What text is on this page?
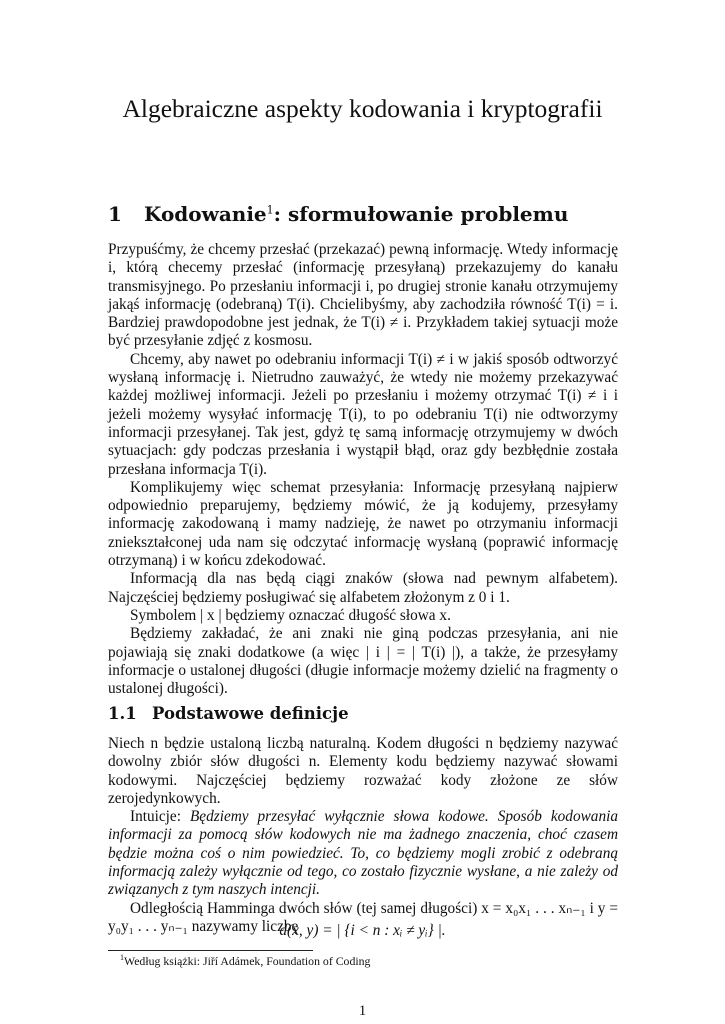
Algebraiczne aspekty kodowania i kryptografii
1 Kodowanie$^1$: sformułowanie problemu

Przypuśćmy, że chcemy przesłać (przekazać) pewną informację. Wtedy informację i, którą checemy przesłać (informację przesyłaną) przekazujemy do kanału transmisyjnego. Po przesłaniu informacji i, po drugiej stronie kanału otrzymujemy jakąś informację (odebraną) T(i). Chcielibyśmy, aby zachodziła równość T(i) = i. Bardziej prawdopodobne jest jednak, że T(i) ≠ i. Przykładem takiej sytuacji może być przesyłanie zdjęć z kosmosu.

Chcemy, aby nawet po odebraniu informacji T(i) ≠ i w jakiś sposób odtworzyć wysłaną informację i. Nietrudno zauważyć, że wtedy nie możemy przekazywać każdej możliwej informacji. Jeżeli po przesłaniu i możemy otrzymać T(i) ≠ i i jeżeli możemy wysyłać informację T(i), to po odebraniu T(i) nie odtworzymy informacji przesyłanej. Tak jest, gdyż tę samą informację otrzymujemy w dwóch sytuacjach: gdy podczas przesłania i wystąpił błąd, oraz gdy bezbłędnie została przesłana informacja T(i).

Komplikujemy więc schemat przesyłania: Informację przesyłaną najpierw odpowiednio preparujemy, będziemy mówić, że ją kodujemy, przesyłamy informację zakodowaną i mamy nadzieję, że nawet po otrzymaniu informacji zniekształconej uda nam się odczytać informację wysłaną (poprawić informację otrzymaną) i w końcu zdekodować.

Informacją dla nas będą ciągi znaków (słowa nad pewnym alfabetem). Najczęściej będziemy posługiwać się alfabetem złożonym z 0 i 1.

Symbolem | x | będziemy oznaczać długość słowa x.

Będziemy zakładać, że ani znaki nie giną podczas przesyłania, ani nie pojawiają się znaki dodatkowe (a więc | i | = | T(i) |), a także, że przesyłamy informacje o ustalonej długości (długie informacje możemy dzielić na fragmenty o ustalonej długości).

1.1 Podstawowe definicje

Niech n będzie ustaloną liczbą naturalną. Kodem długości n będziemy nazywać dowolny zbiór słów długości n. Elementy kodu będziemy nazywać słowami kodowymi. Najczęściej będziemy rozważać kody złożone ze słów zerojedynkowych.

Intuicje: Będziemy przesyłać wyłącznie słowa kodowe. Sposób kodowania informacji za pomocą słów kodowych nie ma żadnego znaczenia, choć czasem będzie można coś o nim powiedzieć. To, co będziemy mogli zrobić z odebraną informacją zależy wyłącznie od tego, co zostało fizycznie wysłane, a nie zależy od związanych z tym naszych intencji.

Odległością Hamminga dwóch słów (tej samej długości) x = x₀x₁ . . . xₙ₋₁ i y = y₀y₁ . . . yₙ₋₁ nazywamy liczbę

d(x, y) = | {i < n : xᵢ ≠ yᵢ} |.
$^1$Według książki: Jiří Adámek, Foundation of Coding
1
